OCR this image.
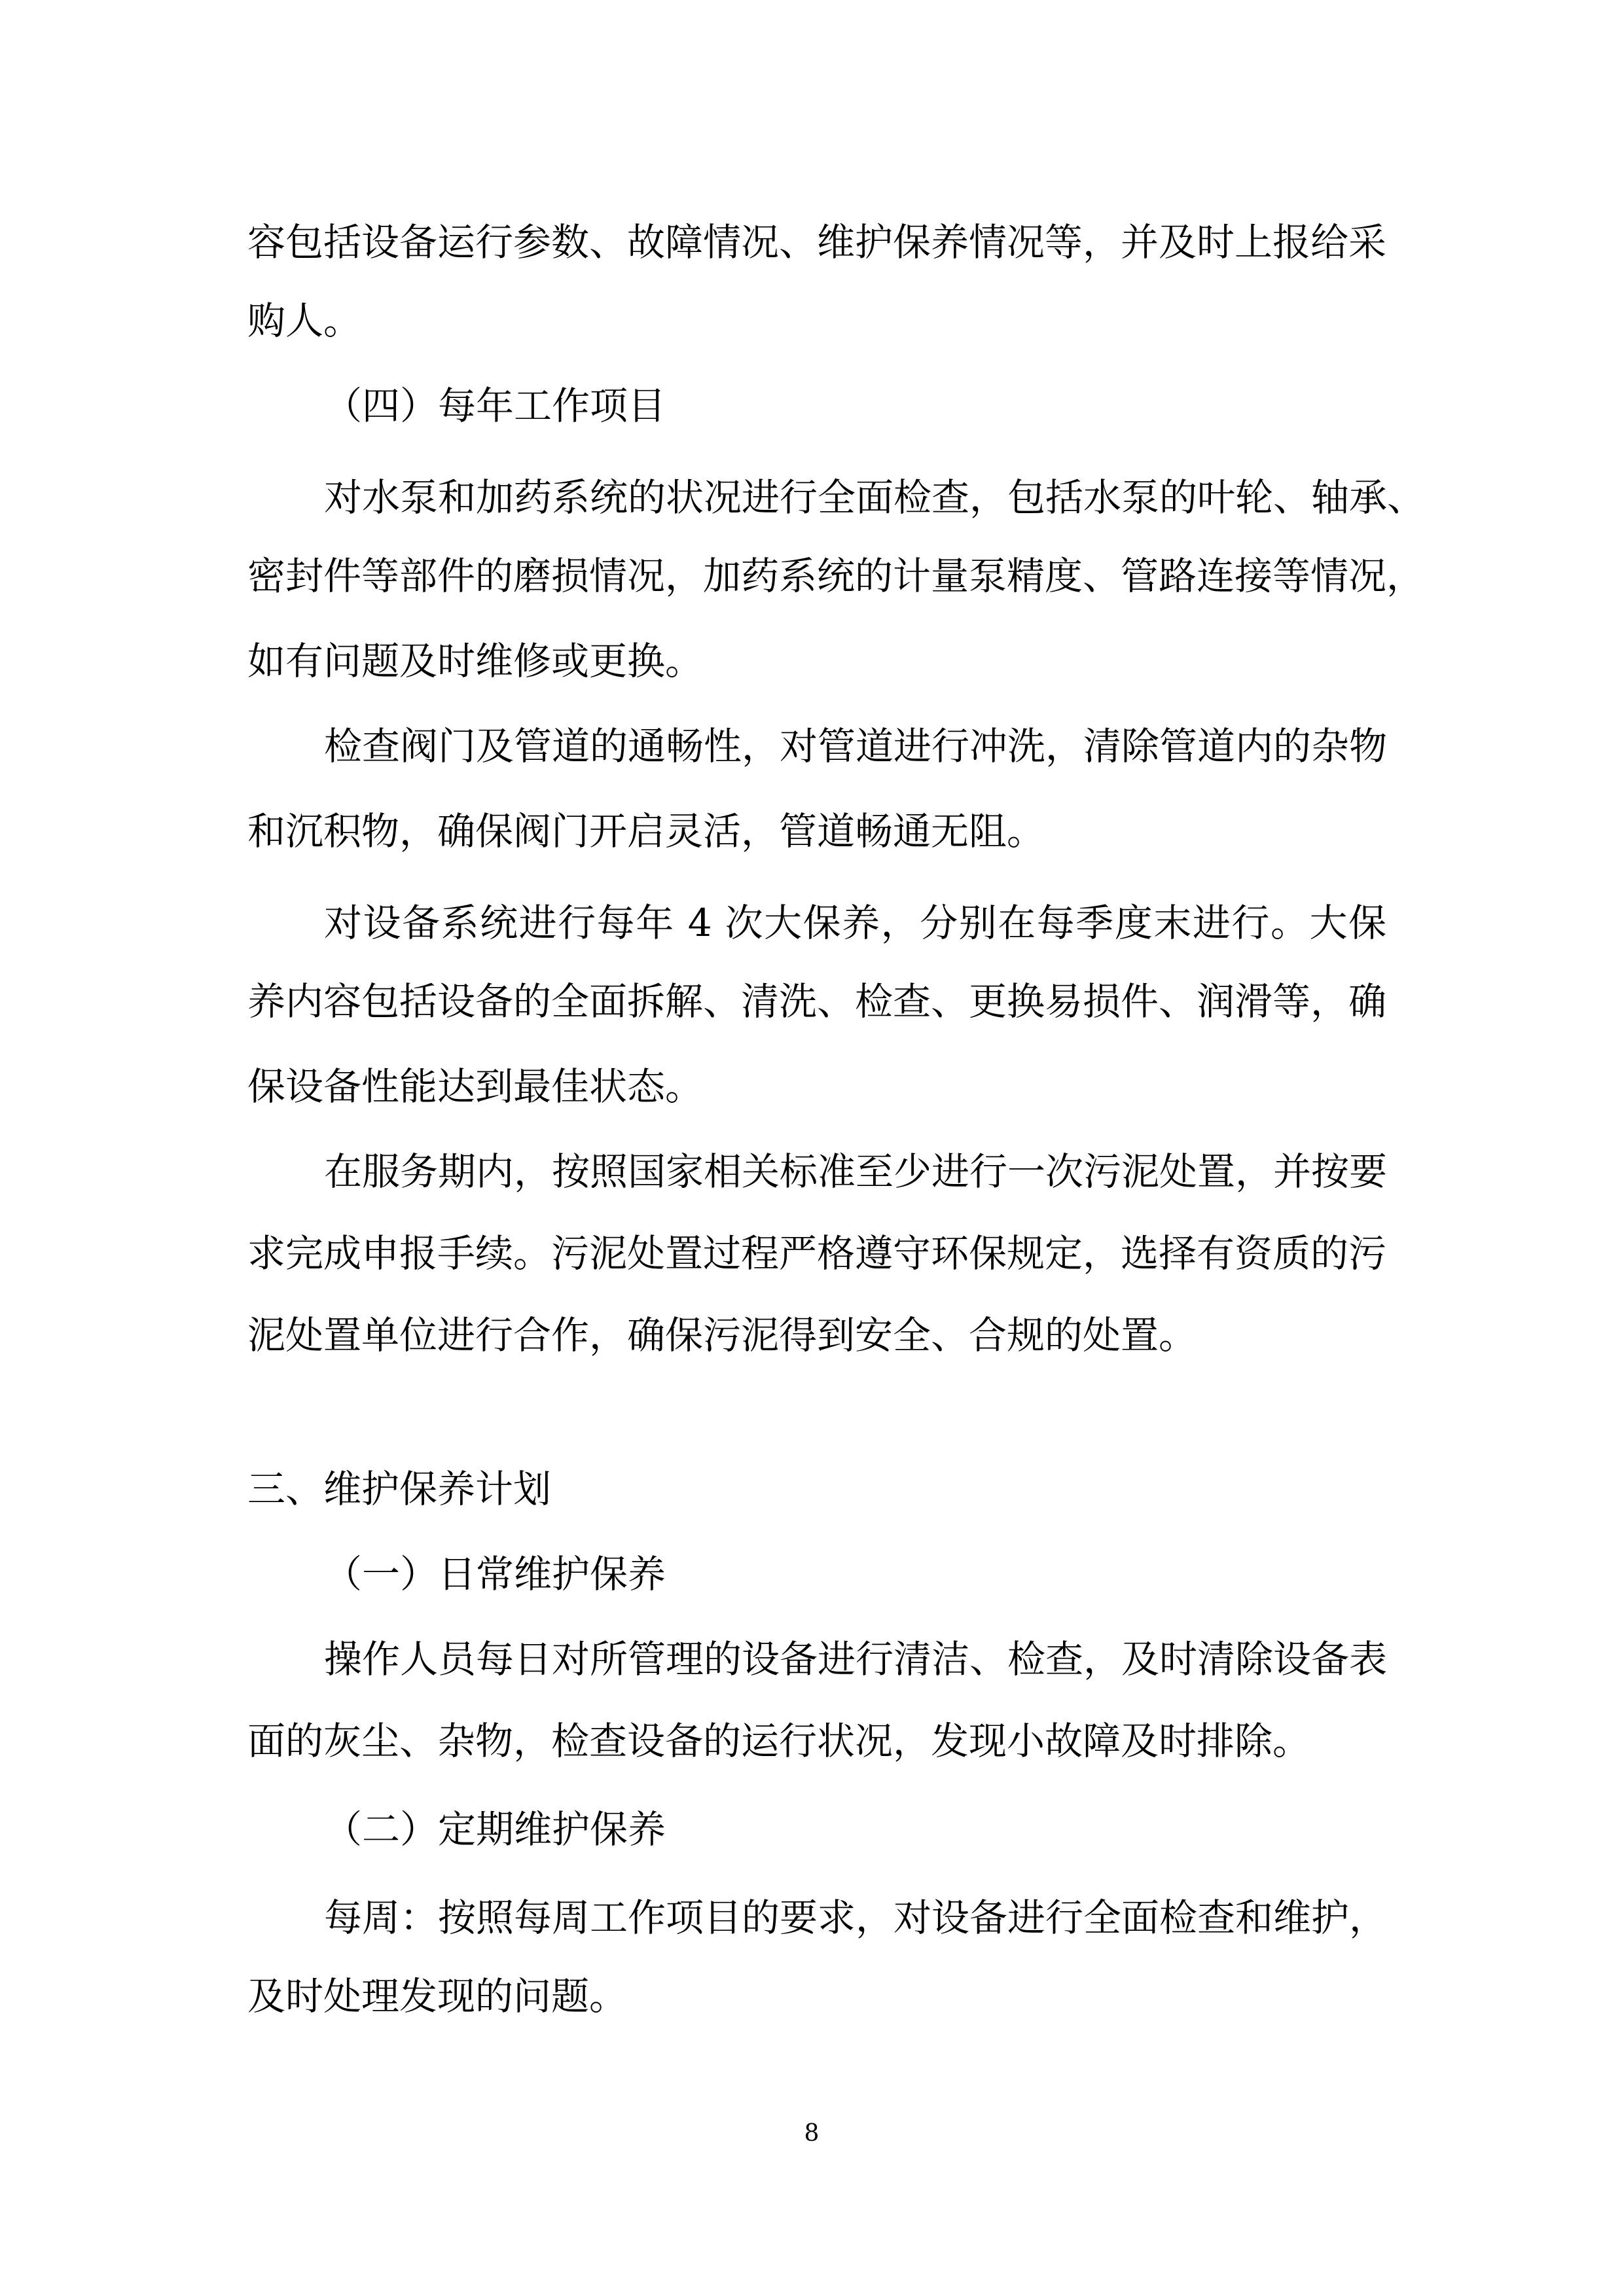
容包括设备运行参数、故障情况、维护保养情况等，并及时上报给采
购人。
（四）每年工作项目
对水泵和加药系统的状况进行全面检查，包括水泵的叶轮、轴承、
密封件等部件的磨损情况，加药系统的计量泵精度、管路连接等情况，
如有问题及时维修或更换。
检查阀门及管道的通畅性，对管道进行冲洗，清除管道内的杂物
和沉积物，确保阀门开启灵活，管道畅通无阻。
对设备系统进行每年 4 次大保养，分别在每季度末进行。大保
养内容包括设备的全面拆解、清洗、检查、更换易损件、润滑等，确
保设备性能达到最佳状态。
在服务期内，按照国家相关标准至少进行一次污泥处置，并按要
求完成申报手续。污泥处置过程严格遵守环保规定，选择有资质的污
泥处置单位进行合作，确保污泥得到安全、合规的处置。
三、维护保养计划
（一）日常维护保养
操作人员每日对所管理的设备进行清洁、检查，及时清除设备表
面的灰尘、杂物，检查设备的运行状况，发现小故障及时排除。
（二）定期维护保养
每周：按照每周工作项目的要求，对设备进行全面检查和维护，
及时处理发现的问题。
8
